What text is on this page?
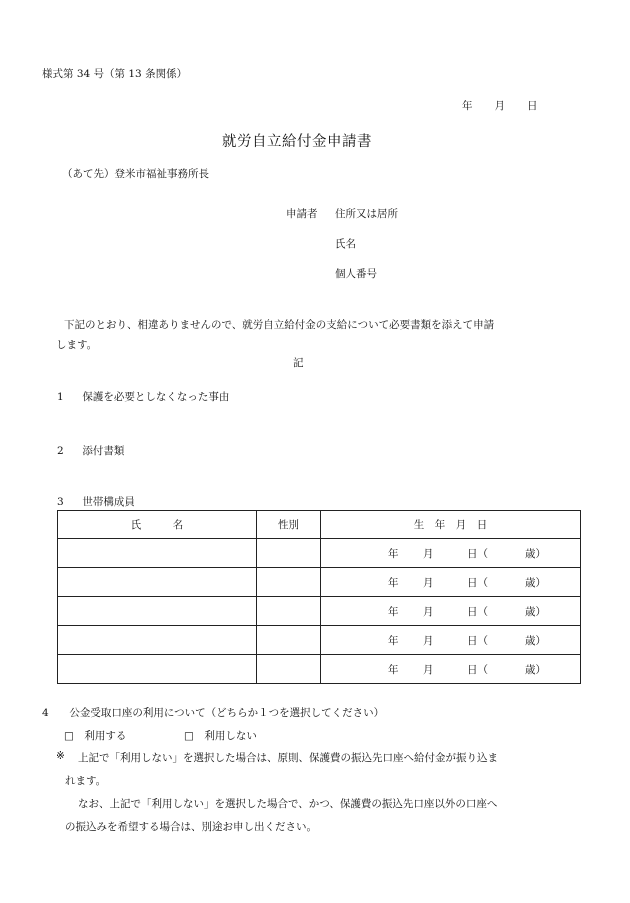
様式第 34 号（第 13 条関係）
年 月 日
就労自立給付金申請書
（あて先）登米市福祉事務所長
申請者 住所又は居所
氏名
個人番号
下記のとおり、相違ありませんので、就労自立給付金の支給について必要書類を添えて申請
します。
記
1 保護を必要としなくなった事由
2 添付書類
3 世帯構成員
氏　　　名	性別	生　年　月　日

		年 月 日（ 歳）

		年 月 日（ 歳）

		年 月 日（ 歳）

		年 月 日（ 歳）

		年 月 日（ 歳）
4 公金受取口座の利用について（どちらか１つを選択してください）
□　利用する	□　利用しない
※ 上記で「利用しない」を選択した場合は、原則、保護費の振込先口座へ給付金が振り込ま
れます。
なお、上記で「利用しない」を選択した場合で、かつ、保護費の振込先口座以外の口座へ
の振込みを希望する場合は、別途お申し出ください。
